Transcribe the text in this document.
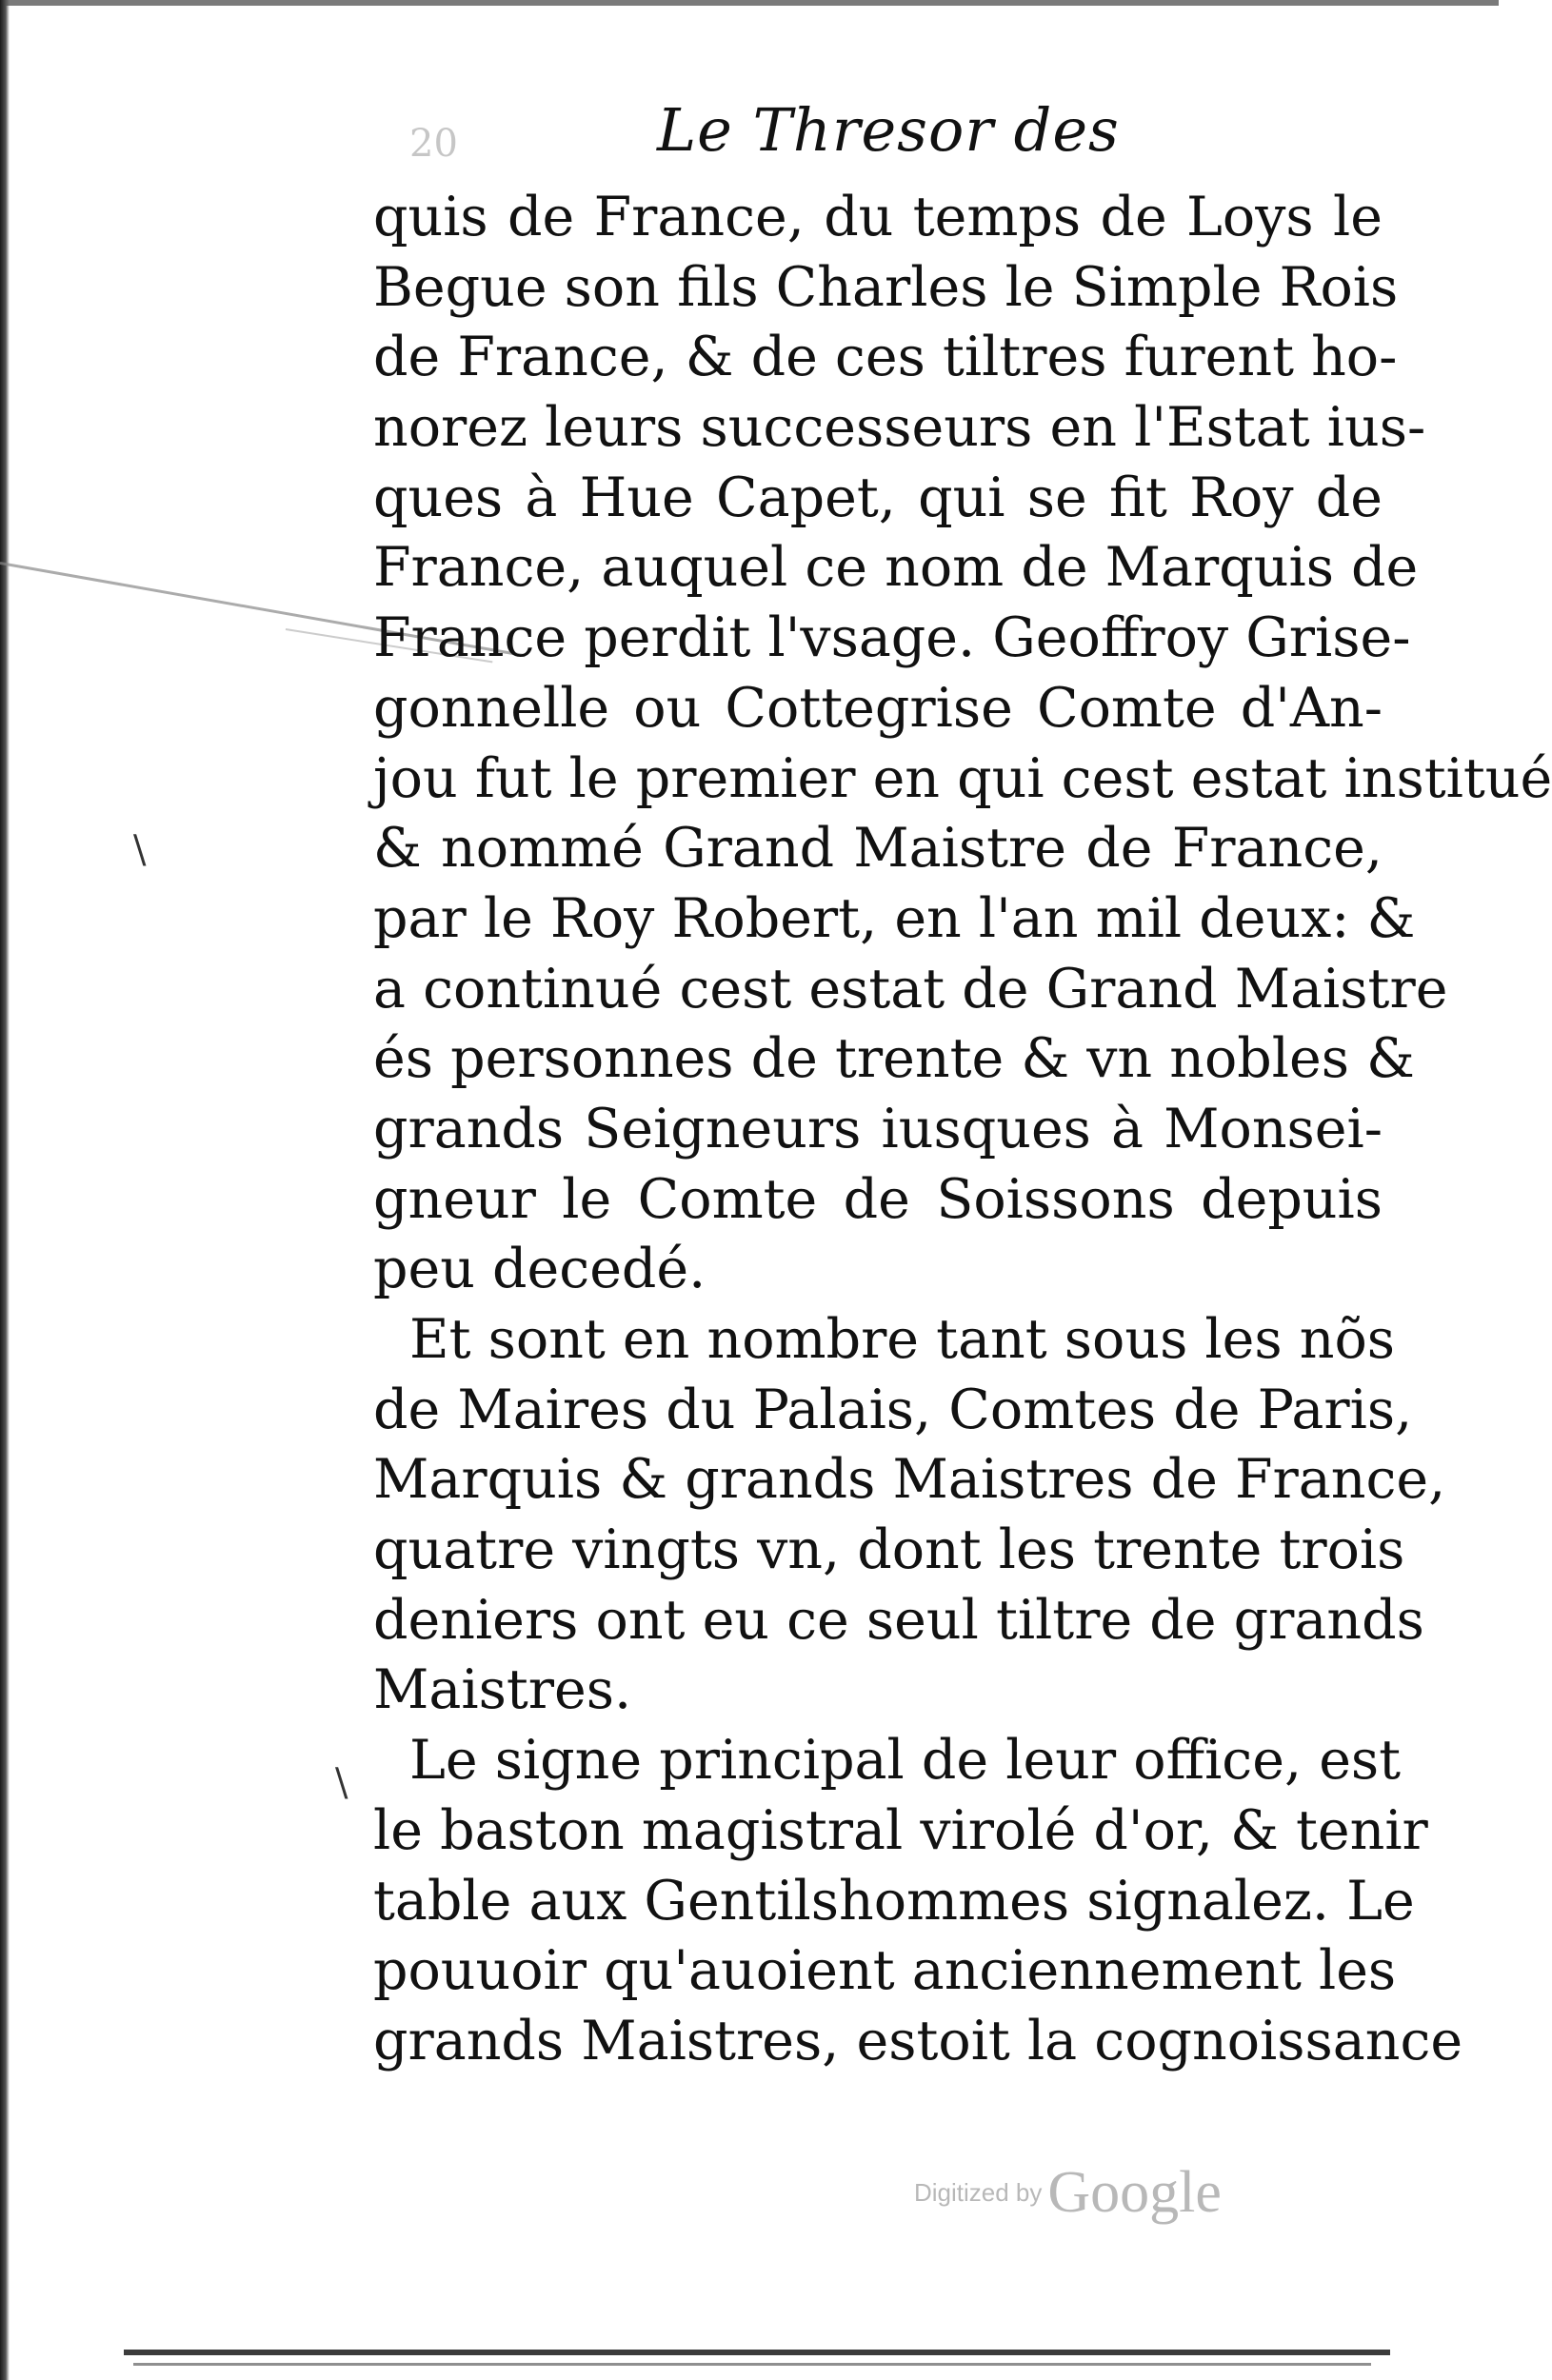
20	Le Thresor des
\
\
quis de France, du temps de Loys le
Begue son fils Charles le Simple Rois
de France, & de ces tiltres furent ho-
norez leurs successeurs en l'Estat ius-
ques à Hue Capet, qui se fit Roy de
France, auquel ce nom de Marquis de
France perdit l'vsage. Geoffroy Grise-
gonnelle ou Cottegrise Comte d'An-
jou fut le premier en qui cest estat institué
& nommé Grand Maistre de France,
par le Roy Robert, en l'an mil deux: &
a continué cest estat de Grand Maistre
és personnes de trente & vn nobles &
grands Seigneurs iusques à Monsei-
gneur le Comte de Soissons depuis
peu decedé.
Et sont en nombre tant sous les nõs
de Maires du Palais, Comtes de Paris,
Marquis & grands Maistres de France,
quatre vingts vn, dont les trente trois
deniers ont eu ce seul tiltre de grands
Maistres.
Le signe principal de leur office, est
le baston magistral virolé d'or, & tenir
table aux Gentilshommes signalez. Le
pouuoir qu'auoient anciennement les
grands Maistres, estoit la cognoissance
Digitized byGoogle
